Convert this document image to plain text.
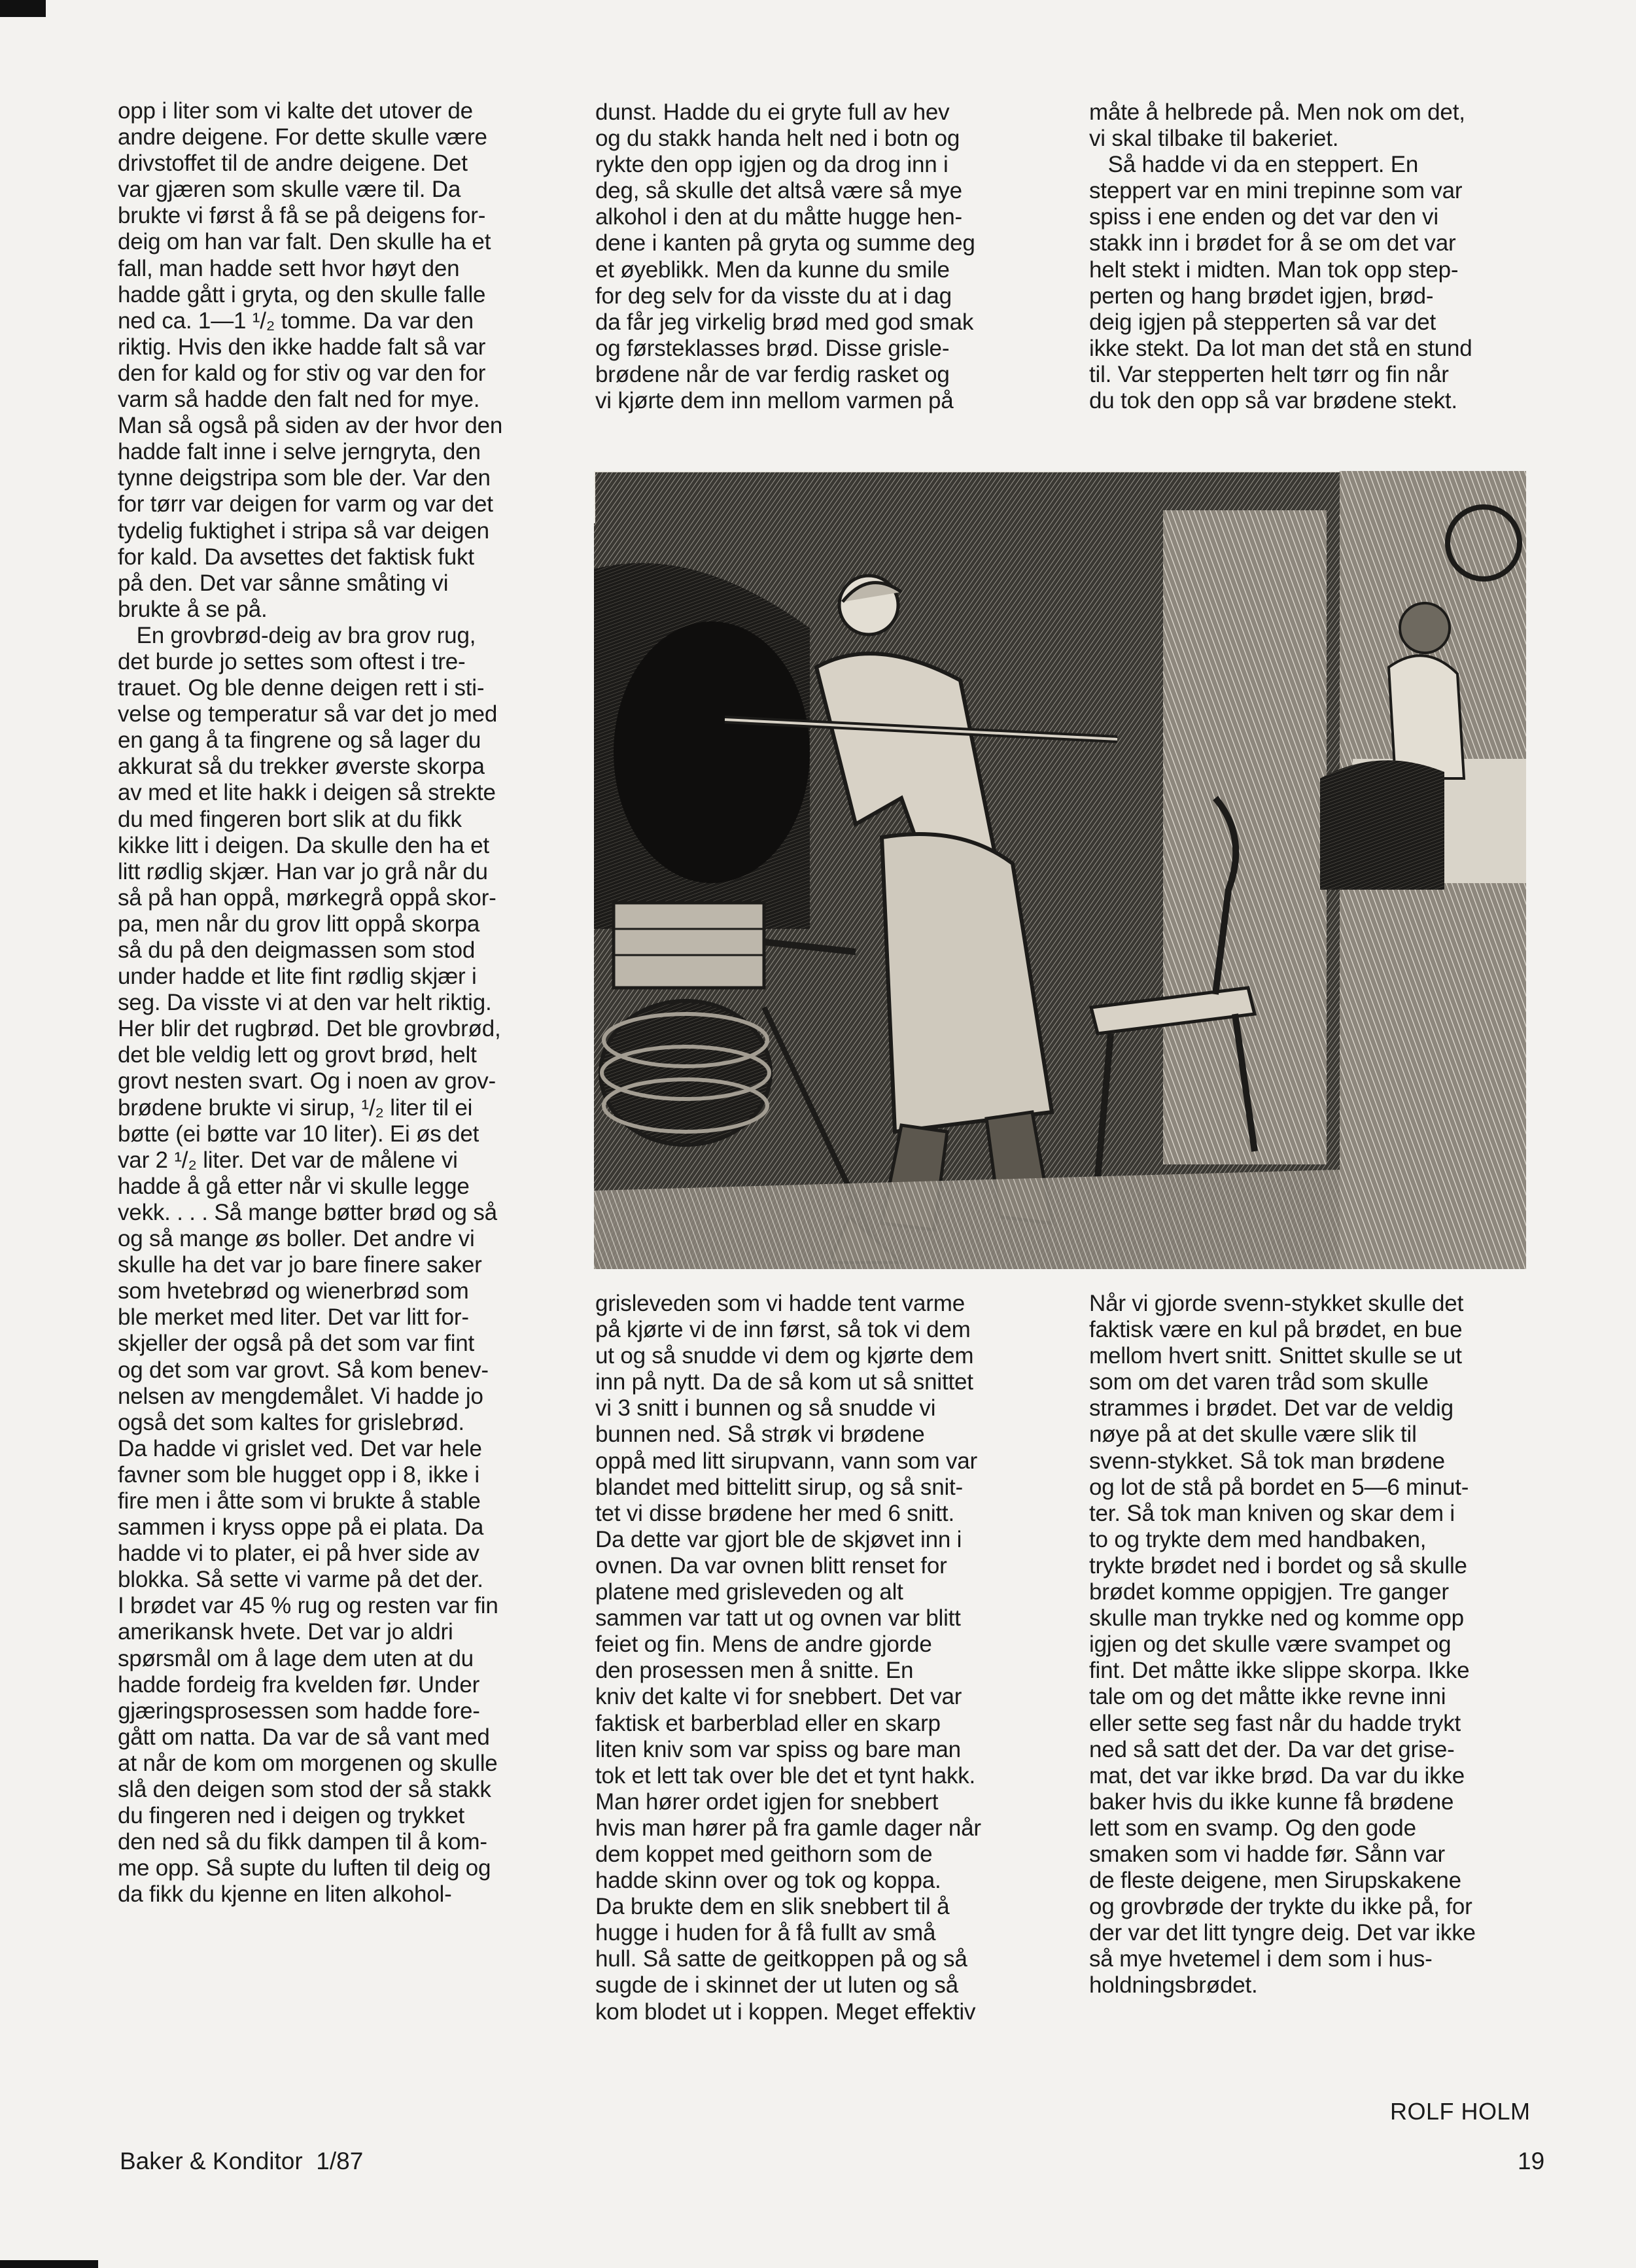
opp i liter som vi kalte det utover de
andre deigene. For dette skulle være
drivstoffet til de andre deigene. Det
var gjæren som skulle være til. Da
brukte vi først å få se på deigens for-
deig om han var falt. Den skulle ha et
fall, man hadde sett hvor høyt den
hadde gått i gryta, og den skulle falle
ned ca. 1—1 ¹/₂ tomme. Da var den
riktig. Hvis den ikke hadde falt så var
den for kald og for stiv og var den for
varm så hadde den falt ned for mye.
Man så også på siden av der hvor den
hadde falt inne i selve jerngryta, den
tynne deigstripa som ble der. Var den
for tørr var deigen for varm og var det
tydelig fuktighet i stripa så var deigen
for kald. Da avsettes det faktisk fukt
på den. Det var sånne småting vi
brukte å se på.
En grovbrød-deig av bra grov rug,
det burde jo settes som oftest i tre-
trauet. Og ble denne deigen rett i sti-
velse og temperatur så var det jo med
en gang å ta fingrene og så lager du
akkurat så du trekker øverste skorpa
av med et lite hakk i deigen så strekte
du med fingeren bort slik at du fikk
kikke litt i deigen. Da skulle den ha et
litt rødlig skjær. Han var jo grå når du
så på han oppå, mørkegrå oppå skor-
pa, men når du grov litt oppå skorpa
så du på den deigmassen som stod
under hadde et lite fint rødlig skjær i
seg. Da visste vi at den var helt riktig.
Her blir det rugbrød. Det ble grovbrød,
det ble veldig lett og grovt brød, helt
grovt nesten svart. Og i noen av grov-
brødene brukte vi sirup, ¹/₂ liter til ei
bøtte (ei bøtte var 10 liter). Ei øs det
var 2 ¹/₂ liter. Det var de målene vi
hadde å gå etter når vi skulle legge
vekk. . . . Så mange bøtter brød og så
og så mange øs boller. Det andre vi
skulle ha det var jo bare finere saker
som hvetebrød og wienerbrød som
ble merket med liter. Det var litt for-
skjeller der også på det som var fint
og det som var grovt. Så kom benev-
nelsen av mengdemålet. Vi hadde jo
også det som kaltes for grislebrød.
Da hadde vi grislet ved. Det var hele
favner som ble hugget opp i 8, ikke i
fire men i åtte som vi brukte å stable
sammen i kryss oppe på ei plata. Da
hadde vi to plater, ei på hver side av
blokka. Så sette vi varme på det der.
I brødet var 45 % rug og resten var fin
amerikansk hvete. Det var jo aldri
spørsmål om å lage dem uten at du
hadde fordeig fra kvelden før. Under
gjæringsprosessen som hadde fore-
gått om natta. Da var de så vant med
at når de kom om morgenen og skulle
slå den deigen som stod der så stakk
du fingeren ned i deigen og trykket
den ned så du fikk dampen til å kom-
me opp. Så supte du luften til deig og
da fikk du kjenne en liten alkohol-
dunst. Hadde du ei gryte full av hev
og du stakk handa helt ned i botn og
rykte den opp igjen og da drog inn i
deg, så skulle det altså være så mye
alkohol i den at du måtte hugge hen-
dene i kanten på gryta og summe deg
et øyeblikk. Men da kunne du smile
for deg selv for da visste du at i dag
da får jeg virkelig brød med god smak
og førsteklasses brød. Disse grisle-
brødene når de var ferdig rasket og
vi kjørte dem inn mellom varmen på
måte å helbrede på. Men nok om det,
vi skal tilbake til bakeriet.
Så hadde vi da en steppert. En
steppert var en mini trepinne som var
spiss i ene enden og det var den vi
stakk inn i brødet for å se om det var
helt stekt i midten. Man tok opp step-
perten og hang brødet igjen, brød-
deig igjen på stepperten så var det
ikke stekt. Da lot man det stå en stund
til. Var stepperten helt tørr og fin når
du tok den opp så var brødene stekt.
grisleveden som vi hadde tent varme
på kjørte vi de inn først, så tok vi dem
ut og så snudde vi dem og kjørte dem
inn på nytt. Da de så kom ut så snittet
vi 3 snitt i bunnen og så snudde vi
bunnen ned. Så strøk vi brødene
oppå med litt sirupvann, vann som var
blandet med bittelitt sirup, og så snit-
tet vi disse brødene her med 6 snitt.
Da dette var gjort ble de skjøvet inn i
ovnen. Da var ovnen blitt renset for
platene med grisleveden og alt
sammen var tatt ut og ovnen var blitt
feiet og fin. Mens de andre gjorde
den prosessen men å snitte. En
kniv det kalte vi for snebbert. Det var
faktisk et barberblad eller en skarp
liten kniv som var spiss og bare man
tok et lett tak over ble det et tynt hakk.
Man hører ordet igjen for snebbert
hvis man hører på fra gamle dager når
dem koppet med geithorn som de
hadde skinn over og tok og koppa.
Da brukte dem en slik snebbert til å
hugge i huden for å få fullt av små
hull. Så satte de geitkoppen på og så
sugde de i skinnet der ut luten og så
kom blodet ut i koppen. Meget effektiv
Når vi gjorde svenn-stykket skulle det
faktisk være en kul på brødet, en bue
mellom hvert snitt. Snittet skulle se ut
som om det varen tråd som skulle
strammes i brødet. Det var de veldig
nøye på at det skulle være slik til
svenn-stykket. Så tok man brødene
og lot de stå på bordet en 5—6 minut-
ter. Så tok man kniven og skar dem i
to og trykte dem med handbaken,
trykte brødet ned i bordet og så skulle
brødet komme oppigjen. Tre ganger
skulle man trykke ned og komme opp
igjen og det skulle være svampet og
fint. Det måtte ikke slippe skorpa. Ikke
tale om og det måtte ikke revne inni
eller sette seg fast når du hadde trykt
ned så satt det der. Da var det grise-
mat, det var ikke brød. Da var du ikke
baker hvis du ikke kunne få brødene
lett som en svamp. Og den gode
smaken som vi hadde før. Sånn var
de fleste deigene, men Sirupskakene
og grovbrøde der trykte du ikke på, for
der var det litt tyngre deig. Det var ikke
så mye hvetemel i dem som i hus-
holdningsbrødet.
ROLF HOLM
Baker & Konditor  1/87	19
